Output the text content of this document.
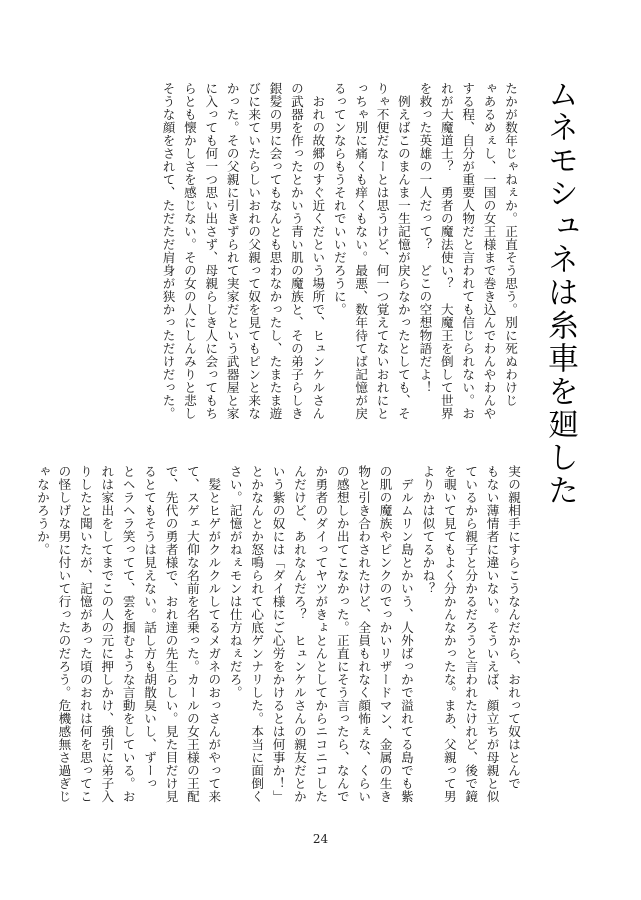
ムネモシュネは糸車を廻した
たかが数年じゃねぇか。正直そう思う。別に死ぬわけじ
ゃあるめぇし、一国の女王様まで巻き込んでわんやわんや
する程、自分が重要人物だと言われても信じられない。お
れが大魔道士？　勇者の魔法使い？　大魔王を倒して世界
を救った英雄の一人だって？　どこの空想物語だよ！
　例えばこのまんま一生記憶が戻らなかったとしても、そ
りゃ不便だなーとは思うけど、何一つ覚えてないおれにと
っちゃ別に痛くも痒くもない。最悪、数年待てば記憶が戻
るってンならもうそれでいいだろうに。
　おれの故郷のすぐ近くだという場所で、ヒュンケルさん
の武器を作ったとかいう青い肌の魔族と、その弟子らしき
銀髪の男に会ってもなんとも思わなかったし、たまたま遊
びに来ていたらしいおれの父親って奴を見てもピンと来な
かった。その父親に引きずられて実家だという武器屋と家
に入っても何一つ思い出さず、母親らしき人に会ってもち
らとも懐かしさを感じない。その女の人にしんみりと悲し
そうな顔をされて、ただただ肩身が狭かっただけだった。
実の親相手にすらこうなんだから、おれって奴はとんで
もない薄情者に違いない。そういえば、顔立ちが母親と似
ているから親子と分かるだろうと言われたけれど、後で鏡
を覗いて見てもよく分かんなかったな。まあ、父親って男
よりかは似てるかね？
　デルムリン島とかいう、人外ばっかで溢れてる島でも紫
の肌の魔族やピンクのでっかいリザードマン、金属の生き
物と引き合わされたけど、全員もれなく顔怖ぇな、くらい
の感想しか出てこなかった。正直にそう言ったら、なんで
か勇者のダイってヤツがきょとんとしてからニコニコした
んだけど、あれなんだろ？　ヒュンケルさんの親友だとか
いう紫の奴には「ダイ様にご心労をかけるとは何事か！」
とかなんとか怒鳴られて心底ゲンナリした。本当に面倒く
さい。記憶がねぇモンは仕方ねぇだろ。
　髪とヒゲがクルクルしてるメガネのおっさんがやって来
て、スゲェ大仰な名前を名乗った。カールの女王様の王配
で、先代の勇者様で、おれ達の先生らしい。見た目だけ見
るとてもそうは見えない。話し方も胡散臭いし、ずーっ
とヘラヘラ笑ってて、雲を掴むような言動をしている。お
れは家出をしてまでこの人の元に押しかけ、強引に弟子入
りしたと聞いたが、記憶があった頃のおれは何を思ってこ
の怪しげな男に付いて行ったのだろう。危機感無さ過ぎじ
ゃなかろうか。
24
